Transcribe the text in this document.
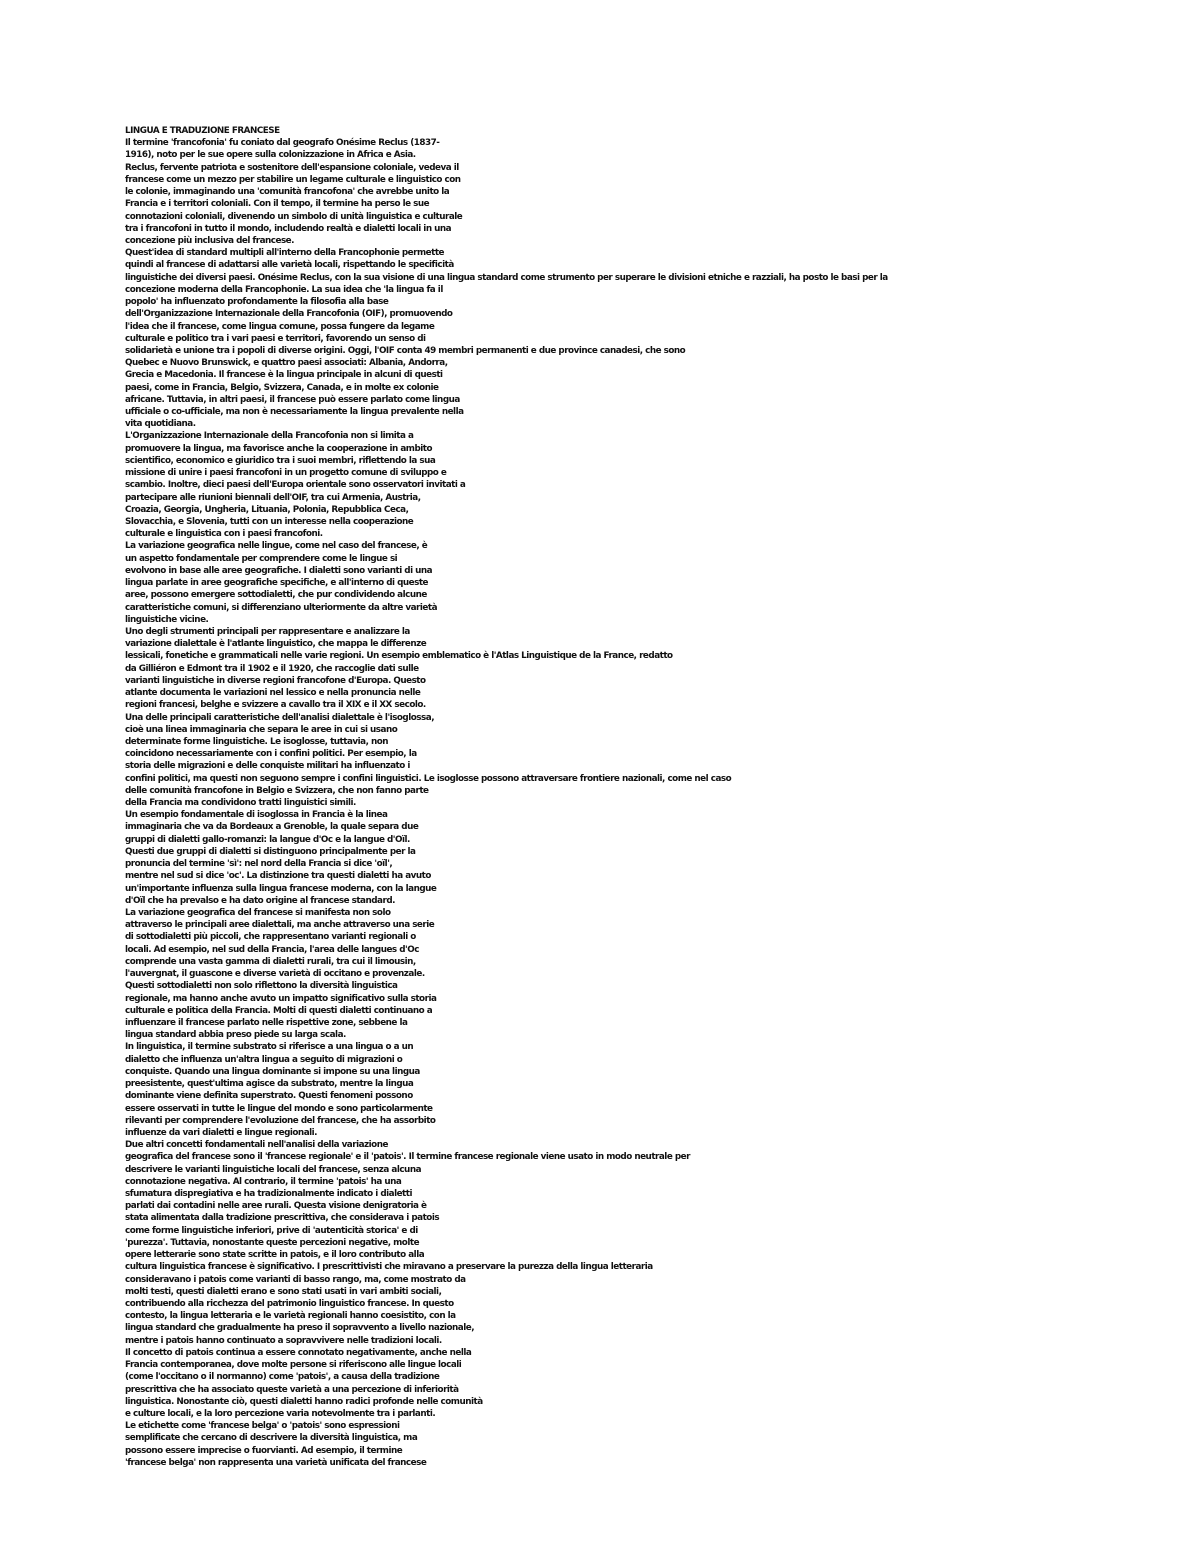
LINGUA E TRADUZIONE FRANCESE
Il termine 'francofonia' fu coniato dal geografo Onésime Reclus (1837-
1916), noto per le sue opere sulla colonizzazione in Africa e Asia.
Reclus, fervente patriota e sostenitore dell'espansione coloniale, vedeva il
francese come un mezzo per stabilire un legame culturale e linguistico con
le colonie, immaginando una 'comunità francofona' che avrebbe unito la
Francia e i territori coloniali. Con il tempo, il termine ha perso le sue
connotazioni coloniali, divenendo un simbolo di unità linguistica e culturale
tra i francofoni in tutto il mondo, includendo realtà e dialetti locali in una
concezione più inclusiva del francese.
Quest'idea di standard multipli all'interno della Francophonie permette
quindi al francese di adattarsi alle varietà locali, rispettando le specificità
linguistiche dei diversi paesi. Onésime Reclus, con la sua visione di una lingua standard come strumento per superare le divisioni etniche e razziali, ha posto le basi per la
concezione moderna della Francophonie. La sua idea che 'la lingua fa il
popolo' ha influenzato profondamente la filosofia alla base
dell'Organizzazione Internazionale della Francofonia (OIF), promuovendo
l'idea che il francese, come lingua comune, possa fungere da legame
culturale e politico tra i vari paesi e territori, favorendo un senso di
solidarietà e unione tra i popoli di diverse origini. Oggi, l'OIF conta 49 membri permanenti e due province canadesi, che sono
Quebec e Nuovo Brunswick, e quattro paesi associati: Albania, Andorra,
Grecia e Macedonia. Il francese è la lingua principale in alcuni di questi
paesi, come in Francia, Belgio, Svizzera, Canada, e in molte ex colonie
africane. Tuttavia, in altri paesi, il francese può essere parlato come lingua
ufficiale o co-ufficiale, ma non è necessariamente la lingua prevalente nella
vita quotidiana.
L'Organizzazione Internazionale della Francofonia non si limita a
promuovere la lingua, ma favorisce anche la cooperazione in ambito
scientifico, economico e giuridico tra i suoi membri, riflettendo la sua
missione di unire i paesi francofoni in un progetto comune di sviluppo e
scambio. Inoltre, dieci paesi dell'Europa orientale sono osservatori invitati a
partecipare alle riunioni biennali dell'OIF, tra cui Armenia, Austria,
Croazia, Georgia, Ungheria, Lituania, Polonia, Repubblica Ceca,
Slovacchia, e Slovenia, tutti con un interesse nella cooperazione
culturale e linguistica con i paesi francofoni.
La variazione geografica nelle lingue, come nel caso del francese, è
un aspetto fondamentale per comprendere come le lingue si
evolvono in base alle aree geografiche. I dialetti sono varianti di una
lingua parlate in aree geografiche specifiche, e all'interno di queste
aree, possono emergere sottodialetti, che pur condividendo alcune
caratteristiche comuni, si differenziano ulteriormente da altre varietà
linguistiche vicine.
Uno degli strumenti principali per rappresentare e analizzare la
variazione dialettale è l'atlante linguistico, che mappa le differenze
lessicali, fonetiche e grammaticali nelle varie regioni. Un esempio emblematico è l'Atlas Linguistique de la France, redatto
da Gilliéron e Edmont tra il 1902 e il 1920, che raccoglie dati sulle
varianti linguistiche in diverse regioni francofone d'Europa. Questo
atlante documenta le variazioni nel lessico e nella pronuncia nelle
regioni francesi, belghe e svizzere a cavallo tra il XIX e il XX secolo.
Una delle principali caratteristiche dell'analisi dialettale è l'isoglossa,
cioè una linea immaginaria che separa le aree in cui si usano
determinate forme linguistiche. Le isoglosse, tuttavia, non
coincidono necessariamente con i confini politici. Per esempio, la
storia delle migrazioni e delle conquiste militari ha influenzato i
confini politici, ma questi non seguono sempre i confini linguistici. Le isoglosse possono attraversare frontiere nazionali, come nel caso
delle comunità francofone in Belgio e Svizzera, che non fanno parte
della Francia ma condividono tratti linguistici simili.
Un esempio fondamentale di isoglossa in Francia è la linea
immaginaria che va da Bordeaux a Grenoble, la quale separa due
gruppi di dialetti gallo-romanzi: la langue d'Oc e la langue d'Oïl.
Questi due gruppi di dialetti si distinguono principalmente per la
pronuncia del termine 'sì': nel nord della Francia si dice 'oïl',
mentre nel sud si dice 'oc'. La distinzione tra questi dialetti ha avuto
un'importante influenza sulla lingua francese moderna, con la langue
d'Oïl che ha prevalso e ha dato origine al francese standard.
La variazione geografica del francese si manifesta non solo
attraverso le principali aree dialettali, ma anche attraverso una serie
di sottodialetti più piccoli, che rappresentano varianti regionali o
locali. Ad esempio, nel sud della Francia, l'area delle langues d'Oc
comprende una vasta gamma di dialetti rurali, tra cui il limousin,
l'auvergnat, il guascone e diverse varietà di occitano e provenzale.
Questi sottodialetti non solo riflettono la diversità linguistica
regionale, ma hanno anche avuto un impatto significativo sulla storia
culturale e politica della Francia. Molti di questi dialetti continuano a
influenzare il francese parlato nelle rispettive zone, sebbene la
lingua standard abbia preso piede su larga scala.
In linguistica, il termine substrato si riferisce a una lingua o a un
dialetto che influenza un'altra lingua a seguito di migrazioni o
conquiste. Quando una lingua dominante si impone su una lingua
preesistente, quest'ultima agisce da substrato, mentre la lingua
dominante viene definita superstrato. Questi fenomeni possono
essere osservati in tutte le lingue del mondo e sono particolarmente
rilevanti per comprendere l'evoluzione del francese, che ha assorbito
influenze da vari dialetti e lingue regionali.
Due altri concetti fondamentali nell'analisi della variazione
geografica del francese sono il 'francese regionale' e il 'patois'. Il termine francese regionale viene usato in modo neutrale per
descrivere le varianti linguistiche locali del francese, senza alcuna
connotazione negativa. Al contrario, il termine 'patois' ha una
sfumatura dispregiativa e ha tradizionalmente indicato i dialetti
parlati dai contadini nelle aree rurali. Questa visione denigratoria è
stata alimentata dalla tradizione prescrittiva, che considerava i patois
come forme linguistiche inferiori, prive di 'autenticità storica' e di
'purezza'. Tuttavia, nonostante queste percezioni negative, molte
opere letterarie sono state scritte in patois, e il loro contributo alla
cultura linguistica francese è significativo. I prescrittivisti che miravano a preservare la purezza della lingua letteraria
consideravano i patois come varianti di basso rango, ma, come mostrato da
molti testi, questi dialetti erano e sono stati usati in vari ambiti sociali,
contribuendo alla ricchezza del patrimonio linguistico francese. In questo
contesto, la lingua letteraria e le varietà regionali hanno coesistito, con la
lingua standard che gradualmente ha preso il sopravvento a livello nazionale,
mentre i patois hanno continuato a sopravvivere nelle tradizioni locali.
Il concetto di patois continua a essere connotato negativamente, anche nella
Francia contemporanea, dove molte persone si riferiscono alle lingue locali
(come l'occitano o il normanno) come 'patois', a causa della tradizione
prescrittiva che ha associato queste varietà a una percezione di inferiorità
linguistica. Nonostante ciò, questi dialetti hanno radici profonde nelle comunità
e culture locali, e la loro percezione varia notevolmente tra i parlanti.
Le etichette come 'francese belga' o 'patois' sono espressioni
semplificate che cercano di descrivere la diversità linguistica, ma
possono essere imprecise o fuorvianti. Ad esempio, il termine
'francese belga' non rappresenta una varietà unificata del francese
